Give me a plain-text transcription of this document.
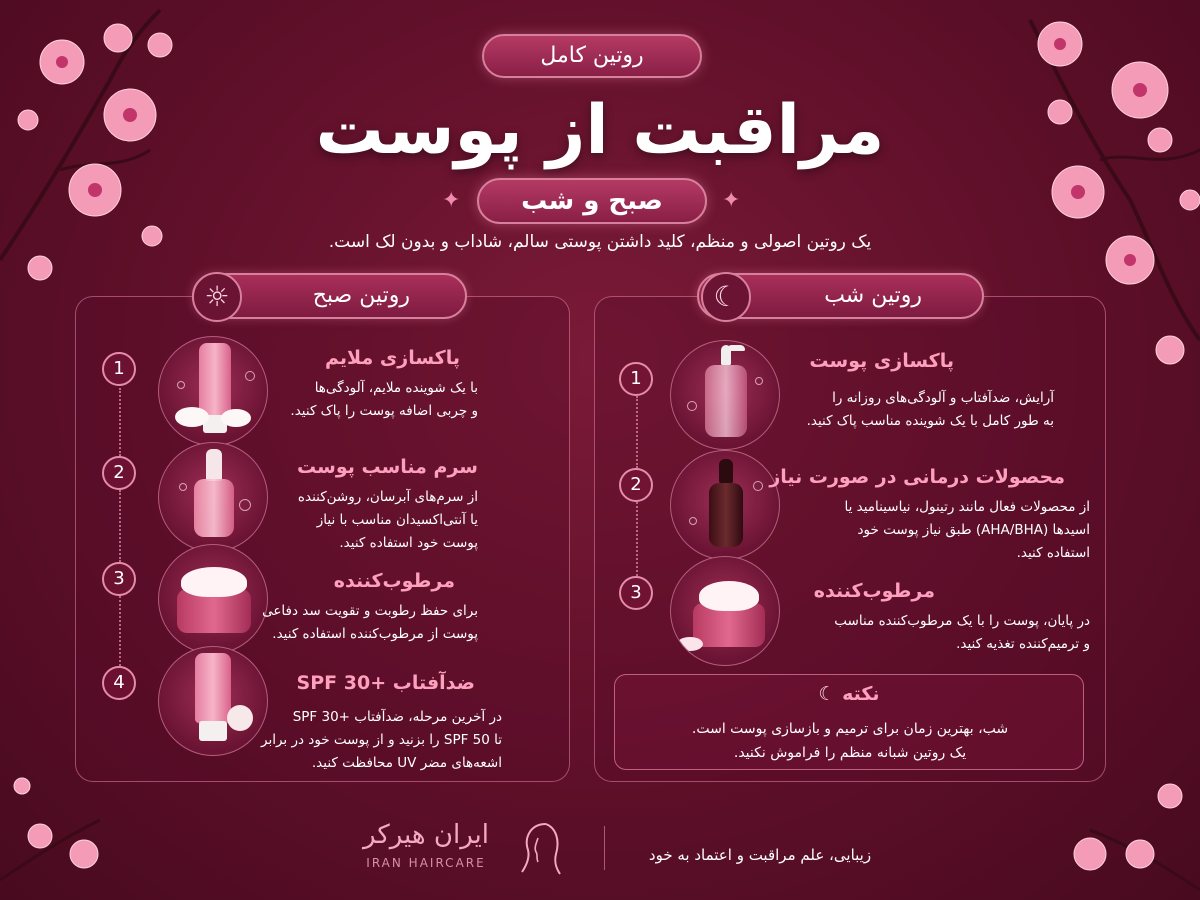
روتین کامل
مراقبت از پوست
✦	صبح و شب	✦
یک روتین اصولی و منظم، کلید داشتن پوستی سالم، شاداب و بدون لک است.
روتین صبح
☼
1	پاکسازی ملایم
با یک شوینده ملایم، آلودگی‌ها
و چربی اضافه پوست را پاک کنید.
2	سرم مناسب پوست
از سرم‌های آبرسان، روشن‌کننده
یا آنتی‌اکسیدان مناسب با نیاز
پوست خود استفاده کنید.
3	مرطوب‌کننده
برای حفظ رطوبت و تقویت سد دفاعی
پوست از مرطوب‌کننده استفاده کنید.
4	ضدآفتاب +SPF 30
در آخرین مرحله، ضدآفتاب +SPF 30
تا SPF 50 را بزنید و از پوست خود در برابر
اشعه‌های مضر UV محافظت کنید.
روتین شب
☾
1
پاکسازی پوست
آرایش، ضدآفتاب و آلودگی‌های روزانه را
به طور کامل با یک شوینده مناسب پاک کنید.
2	محصولات درمانی در صورت نیاز
از محصولات فعال مانند رتینول، نیاسینامید یا
اسیدها (AHA/BHA) طبق نیاز پوست خود
استفاده کنید.
3	مرطوب‌کننده
در پایان، پوست را با یک مرطوب‌کننده مناسب
و ترمیم‌کننده تغذیه کنید.
نکته ☾
شب، بهترین زمان برای ترمیم و بازسازی پوست است.
یک روتین شبانه منظم را فراموش نکنید.
ایران هیرکر
IRAN HAIRCARE	زیبایی، علم مراقبت و اعتماد به خود
